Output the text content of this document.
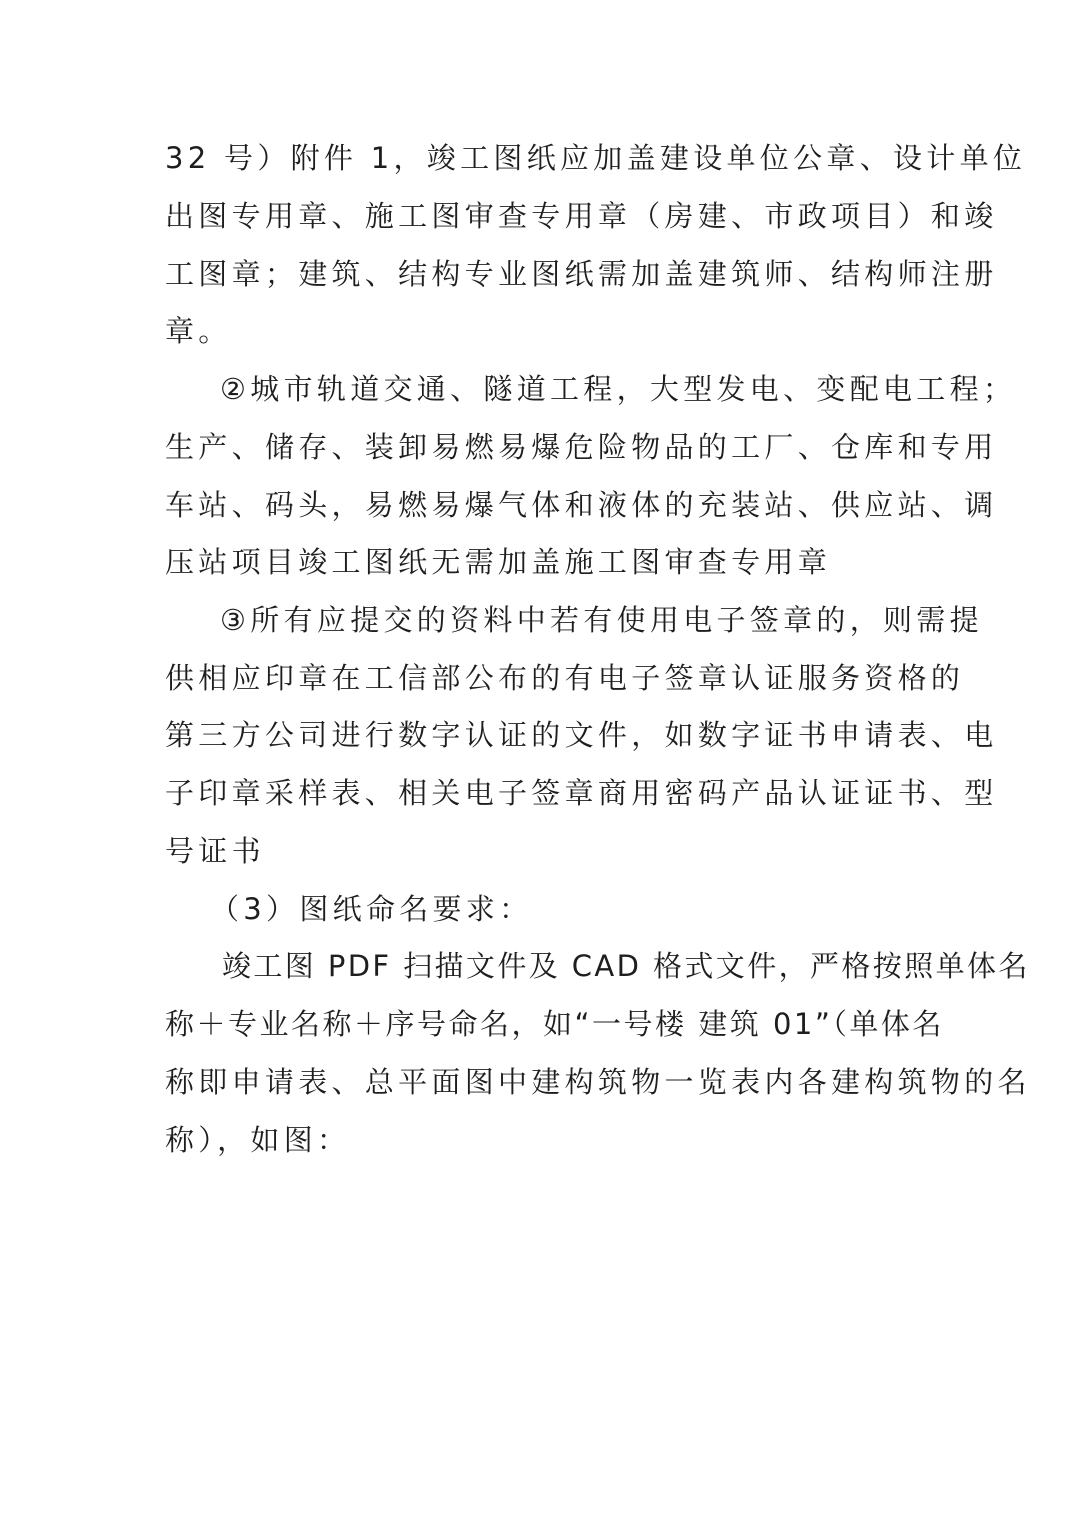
32 号）附件 1，竣工图纸应加盖建设单位公章、设计单位
出图专用章、施工图审查专用章（房建、市政项目）和竣
工图章；建筑、结构专业图纸需加盖建筑师、结构师注册
章。
②城市轨道交通、隧道工程，大型发电、变配电工程；
生产、储存、装卸易燃易爆危险物品的工厂、仓库和专用
车站、码头，易燃易爆气体和液体的充装站、供应站、调
压站项目竣工图纸无需加盖施工图审查专用章
③所有应提交的资料中若有使用电子签章的，则需提
供相应印章在工信部公布的有电子签章认证服务资格的
第三方公司进行数字认证的文件，如数字证书申请表、电
子印章采样表、相关电子签章商用密码产品认证证书、型
号证书
（3）图纸命名要求：
竣工图 PDF 扫描文件及 CAD 格式文件，严格按照单体名
称＋专业名称＋序号命名，如“一号楼 建筑 01”（单体名
称即申请表、总平面图中建构筑物一览表内各建构筑物的名
称），如图：
